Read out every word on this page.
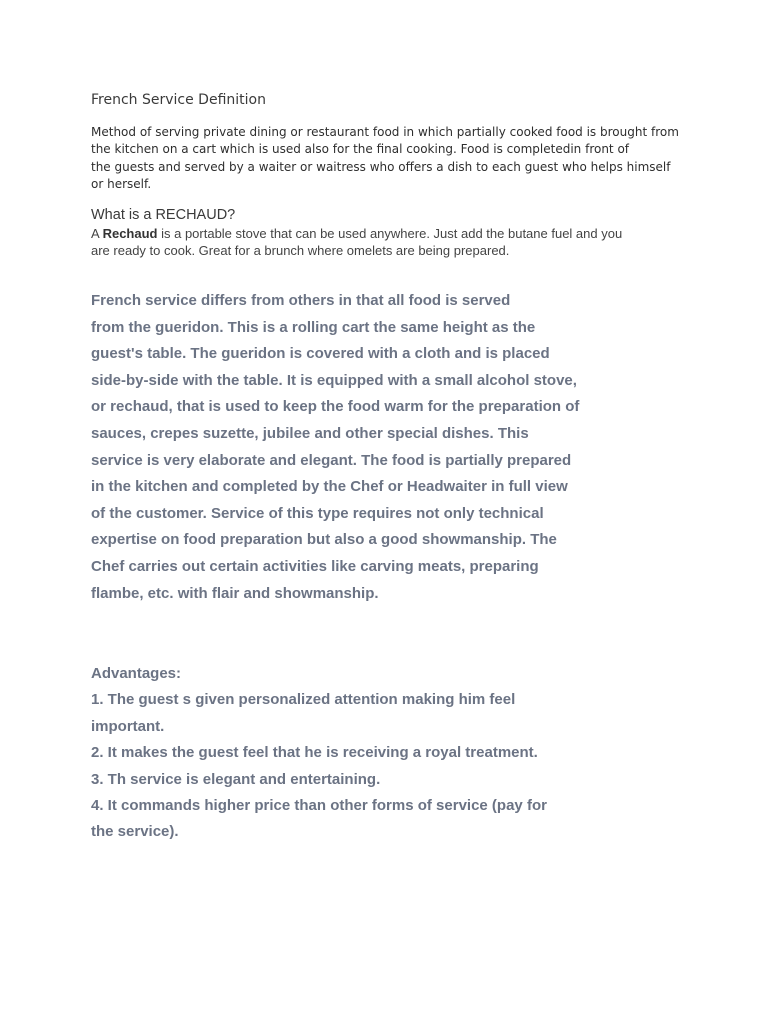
French Service Definition

Method of serving private dining or restaurant food in which partially cooked food is brought from
the kitchen on a cart which is used also for the final cooking. Food is completedin front of
the guests and served by a waiter or waitress who offers a dish to each guest who helps himself
or herself.

What is a RECHAUD?

A Rechaud is a portable stove that can be used anywhere. Just add the butane fuel and you
are ready to cook. Great for a brunch where omelets are being prepared.

French service differs from others in that all food is served
from the gueridon. This is a rolling cart the same height as the
guest's table. The gueridon is covered with a cloth and is placed
side-by-side with the table. It is equipped with a small alcohol stove,
or rechaud, that is used to keep the food warm for the preparation of
sauces, crepes suzette, jubilee and other special dishes. This
service is very elaborate and elegant. The food is partially prepared
in the kitchen and completed by the Chef or Headwaiter in full view
of the customer. Service of this type requires not only technical
expertise on food preparation but also a good showmanship. The
Chef carries out certain activities like carving meats, preparing
flambe, etc. with flair and showmanship.

Advantages:
1. The guest s given personalized attention making him feel
important.
2. It makes the guest feel that he is receiving a royal treatment.
3. Th service is elegant and entertaining.
4. It commands higher price than other forms of service (pay for
the service).
